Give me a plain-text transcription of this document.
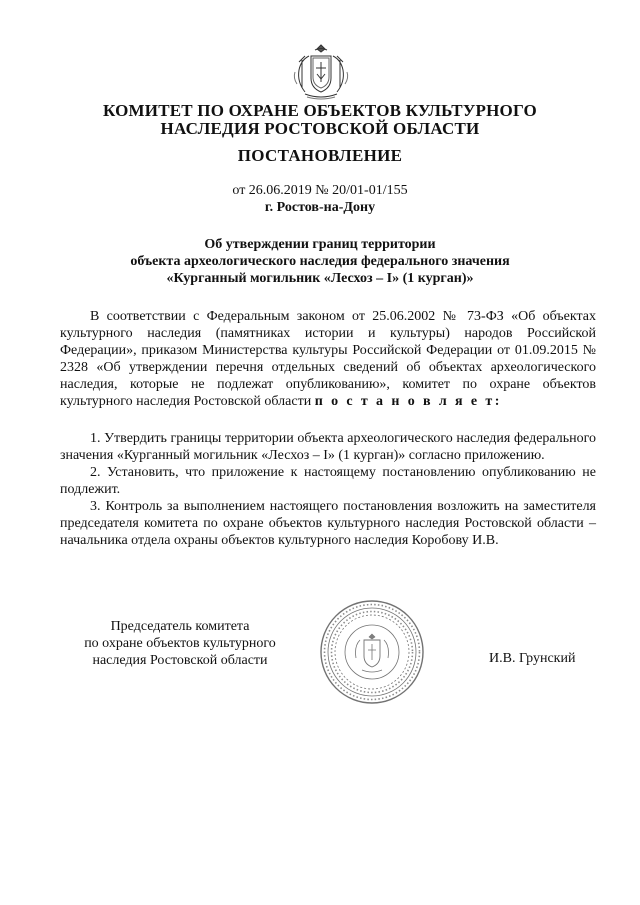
КОМИТЕТ ПО ОХРАНЕ ОБЪЕКТОВ КУЛЬТУРНОГО
НАСЛЕДИЯ РОСТОВСКОЙ ОБЛАСТИ
ПОСТАНОВЛЕНИЕ
от 26.06.2019 № 20/01-01/155
г. Ростов-на-Дону
Об утверждении границ территории
объекта археологического наследия федерального значения
«Курганный могильник «Лесхоз – I» (1 курган)»

В соответствии с Федеральным законом от 25.06.2002 № 73-ФЗ «Об объектах культурного наследия (памятниках истории и культуры) народов Российской Федерации», приказом Министерства культуры Российской Федерации от 01.09.2015 № 2328 «Об утверждении перечня отдельных сведений об объектах археологического наследия, которые не подлежат опубликованию», комитет по охране объектов культурного наследия Ростовской области п о с т а н о в л я е т:

1. Утвердить границы территории объекта археологического наследия федерального значения «Курганный могильник «Лесхоз – I» (1 курган)» согласно приложению.

2. Установить, что приложение к настоящему постановлению опубликованию не подлежит.

3. Контроль за выполнением настоящего постановления возложить на заместителя председателя комитета по охране объектов культурного наследия Ростовской области – начальника отдела охраны объектов культурного наследия Коробову И.В.

Председатель комитета
по охране объектов культурного
наследия Ростовской области	И.В. Грунский
